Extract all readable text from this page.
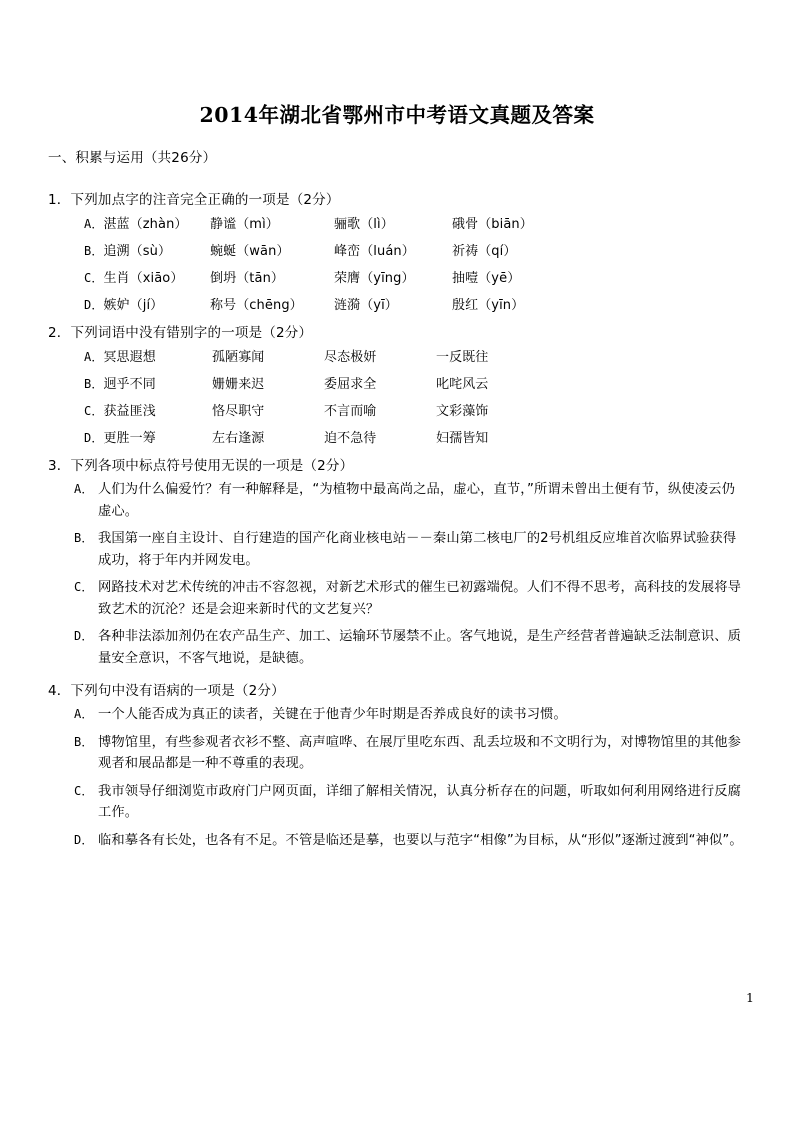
2014年湖北省鄂州市中考语文真题及答案
一、积累与运用（共26分）
1．下列加点字的注音完全正确的一项是（2分）
A．湛蓝（zhàn）	静谧（mì）	骊歌（lì）	硪骨（biān）
B．追溯（sù）	蜿蜒（wān）	峰峦（luán）	祈祷（qí）
C．生肖（xiāo）	倒坍（tān）	荣膺（yīng）	抽噎（yē）
D．嫉妒（jí）	称号（chēng）	涟漪（yī）	殷红（yīn）
2．下列词语中没有错别字的一项是（2分）
A．冥思遐想	孤陋寡闻	尽态极妍	一反既往
B．迥乎不同	姗姗来迟	委屈求全	叱咤风云
C．获益匪浅	恪尽职守	不言而喻	文彩藻饰
D．更胜一筹	左右逢源	迫不急待	妇孺皆知
3．下列各项中标点符号使用无误的一项是（2分）
A． 人们为什么偏爱竹？有一种解释是，“为植物中最高尚之品，虚心，直节，”所谓未曾出土便有节，纵使凌云仍虚心。
B． 我国第一座自主设计、自行建造的国产化商业核电站－－秦山第二核电厂的2号机组反应堆首次临界试验获得成功，将于年内并网发电。
C． 网路技术对艺术传统的冲击不容忽视，对新艺术形式的催生已初露端倪。人们不得不思考，高科技的发展将导致艺术的沉沦？还是会迎来新时代的文艺复兴？
D． 各种非法添加剂仍在农产品生产、加工、运输环节屡禁不止。客气地说，是生产经营者普遍缺乏法制意识、质量安全意识，不客气地说，是缺德。
4．下列句中没有语病的一项是（2分）
A． 一个人能否成为真正的读者，关键在于他青少年时期是否养成良好的读书习惯。
B． 博物馆里，有些参观者衣衫不整、高声喧哗、在展厅里吃东西、乱丢垃圾和不文明行为，对博物馆里的其他参观者和展品都是一种不尊重的表现。
C． 我市领导仔细浏览市政府门户网页面，详细了解相关情况，认真分析存在的问题，听取如何利用网络进行反腐工作。
D． 临和摹各有长处，也各有不足。不管是临还是摹，也要以与范字“相像”为目标，从“形似”逐渐过渡到“神似”。
1
